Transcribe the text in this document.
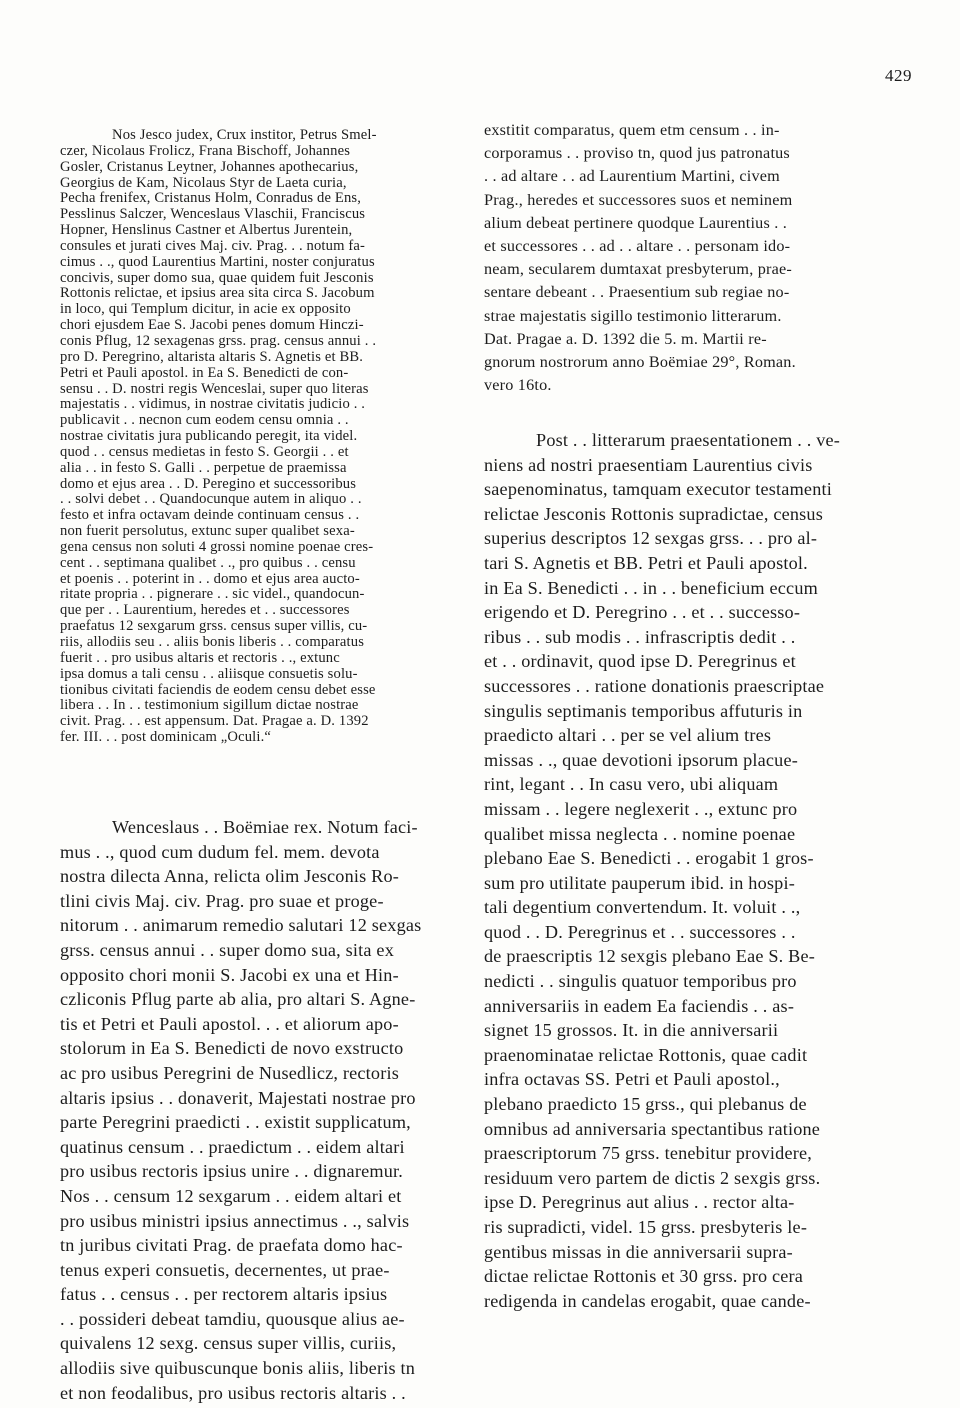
429
Nos Jesco judex, Crux institor, Petrus Smel-
czer, Nicolaus Frolicz, Frana Bischoff, Johannes
Gosler, Cristanus Leytner, Johannes apothecarius,
Georgius de Kam, Nicolaus Styr de Laeta curia,
Pecha frenifex, Cristanus Holm, Conradus de Ens,
Pesslinus Salczer, Wenceslaus Vlaschii, Franciscus
Hopner, Henslinus Castner et Albertus Jurentein,
consules et jurati cives Maj. civ. Prag. . . notum fa-
cimus . ., quod Laurentius Martini, noster conjuratus
concivis, super domo sua, quae quidem fuit Jesconis
Rottonis relictae, et ipsius area sita circa S. Jacobum
in loco, qui Templum dicitur, in acie ex opposito
chori ejusdem Eae S. Jacobi penes domum Hinczi-
conis Pflug, 12 sexagenas grss. prag. census annui . .
pro D. Peregrino, altarista altaris S. Agnetis et BB.
Petri et Pauli apostol. in Ea S. Benedicti de con-
sensu . . D. nostri regis Wenceslai, super quo literas
majestatis . . vidimus, in nostrae civitatis judicio . .
publicavit . . necnon cum eodem censu omnia . .
nostrae civitatis jura publicando peregit, ita videl.
quod . . census medietas in festo S. Georgii . . et
alia . . in festo S. Galli . . perpetue de praemissa
domo et ejus area . . D. Peregino et successoribus
. . solvi debet . . Quandocunque autem in aliquo . .
festo et infra octavam deinde continuam census . .
non fuerit persolutus, extunc super qualibet sexa-
gena census non soluti 4 grossi nomine poenae cres-
cent . . septimana qualibet . ., pro quibus . . censu
et poenis . . poterint in . . domo et ejus area aucto-
ritate propria . . pignerare . . sic videl., quandocun-
que per . . Laurentium, heredes et . . successores
praefatus 12 sexgarum grss. census super villis, cu-
riis, allodiis seu . . aliis bonis liberis . . comparatus
fuerit . . pro usibus altaris et rectoris . ., extunc
ipsa domus a tali censu . . aliisque consuetis solu-
tionibus civitati faciendis de eodem censu debet esse
libera . . In . . testimonium sigillum dictae nostrae
civit. Prag. . . est appensum. Dat. Pragae a. D. 1392
fer. III. . . post dominicam „Oculi.“
Wenceslaus . . Boëmiae rex. Notum faci-
mus . ., quod cum dudum fel. mem. devota
nostra dilecta Anna, relicta olim Jesconis Ro-
tlini civis Maj. civ. Prag. pro suae et proge-
nitorum . . animarum remedio salutari 12 sexgas
grss. census annui . . super domo sua, sita ex
opposito chori monii S. Jacobi ex una et Hin-
czliconis Pflug parte ab alia, pro altari S. Agne-
tis et Petri et Pauli apostol. . . et aliorum apo-
stolorum in Ea S. Benedicti de novo exstructo
ac pro usibus Peregrini de Nusedlicz, rectoris
altaris ipsius . . donaverit, Majestati nostrae pro
parte Peregrini praedicti . . existit supplicatum,
quatinus censum . . praedictum . . eidem altari
pro usibus rectoris ipsius unire . . dignaremur.
Nos . . censum 12 sexgarum . . eidem altari et
pro usibus ministri ipsius annectimus . ., salvis
tn juribus civitati Prag. de praefata domo hac-
tenus experi consuetis, decernentes, ut prae-
fatus . . census . . per rectorem altaris ipsius
. . possideri debeat tamdiu, quousque alius ae-
quivalens 12 sexg. census super villis, curiis,
allodiis sive quibuscunque bonis aliis, liberis tn
et non feodalibus, pro usibus rectoris altaris . .
exstitit comparatus, quem etm censum . . in-
corporamus . . proviso tn, quod jus patronatus
. . ad altare . . ad Laurentium Martini, civem
Prag., heredes et successores suos et neminem
alium debeat pertinere quodque Laurentius . .
et successores . . ad . . altare . . personam ido-
neam, secularem dumtaxat presbyterum, prae-
sentare debeant . . Praesentium sub regiae no-
strae majestatis sigillo testimonio litterarum.
Dat. Pragae a. D. 1392 die 5. m. Martii re-
gnorum nostrorum anno Boëmiae 29°, Roman.
vero 16to.
Post . . litterarum praesentationem . . ve-
niens ad nostri praesentiam Laurentius civis
saepenominatus, tamquam executor testamenti
relictae Jesconis Rottonis supradictae, census
superius descriptos 12 sexgas grss. . . pro al-
tari S. Agnetis et BB. Petri et Pauli apostol.
in Ea S. Benedicti . . in . . beneficium eccum
erigendo et D. Peregrino . . et . . successo-
ribus . . sub modis . . infrascriptis dedit . .
et . . ordinavit, quod ipse D. Peregrinus et
successores . . ratione donationis praescriptae
singulis septimanis temporibus affuturis in
praedicto altari . . per se vel alium tres
missas . ., quae devotioni ipsorum placue-
rint, legant . . In casu vero, ubi aliquam
missam . . legere neglexerit . ., extunc pro
qualibet missa neglecta . . nomine poenae
plebano Eae S. Benedicti . . erogabit 1 gros-
sum pro utilitate pauperum ibid. in hospi-
tali degentium convertendum. It. voluit . .,
quod . . D. Peregrinus et . . successores . .
de praescriptis 12 sexgis plebano Eae S. Be-
nedicti . . singulis quatuor temporibus pro
anniversariis in eadem Ea faciendis . . as-
signet 15 grossos. It. in die anniversarii
praenominatae relictae Rottonis, quae cadit
infra octavas SS. Petri et Pauli apostol.,
plebano praedicto 15 grss., qui plebanus de
omnibus ad anniversaria spectantibus ratione
praescriptorum 75 grss. tenebitur providere,
residuum vero partem de dictis 2 sexgis grss.
ipse D. Peregrinus aut alius . . rector alta-
ris supradicti, videl. 15 grss. presbyteris le-
gentibus missas in die anniversarii supra-
dictae relictae Rottonis et 30 grss. pro cera
redigenda in candelas erogabit, quae cande-
